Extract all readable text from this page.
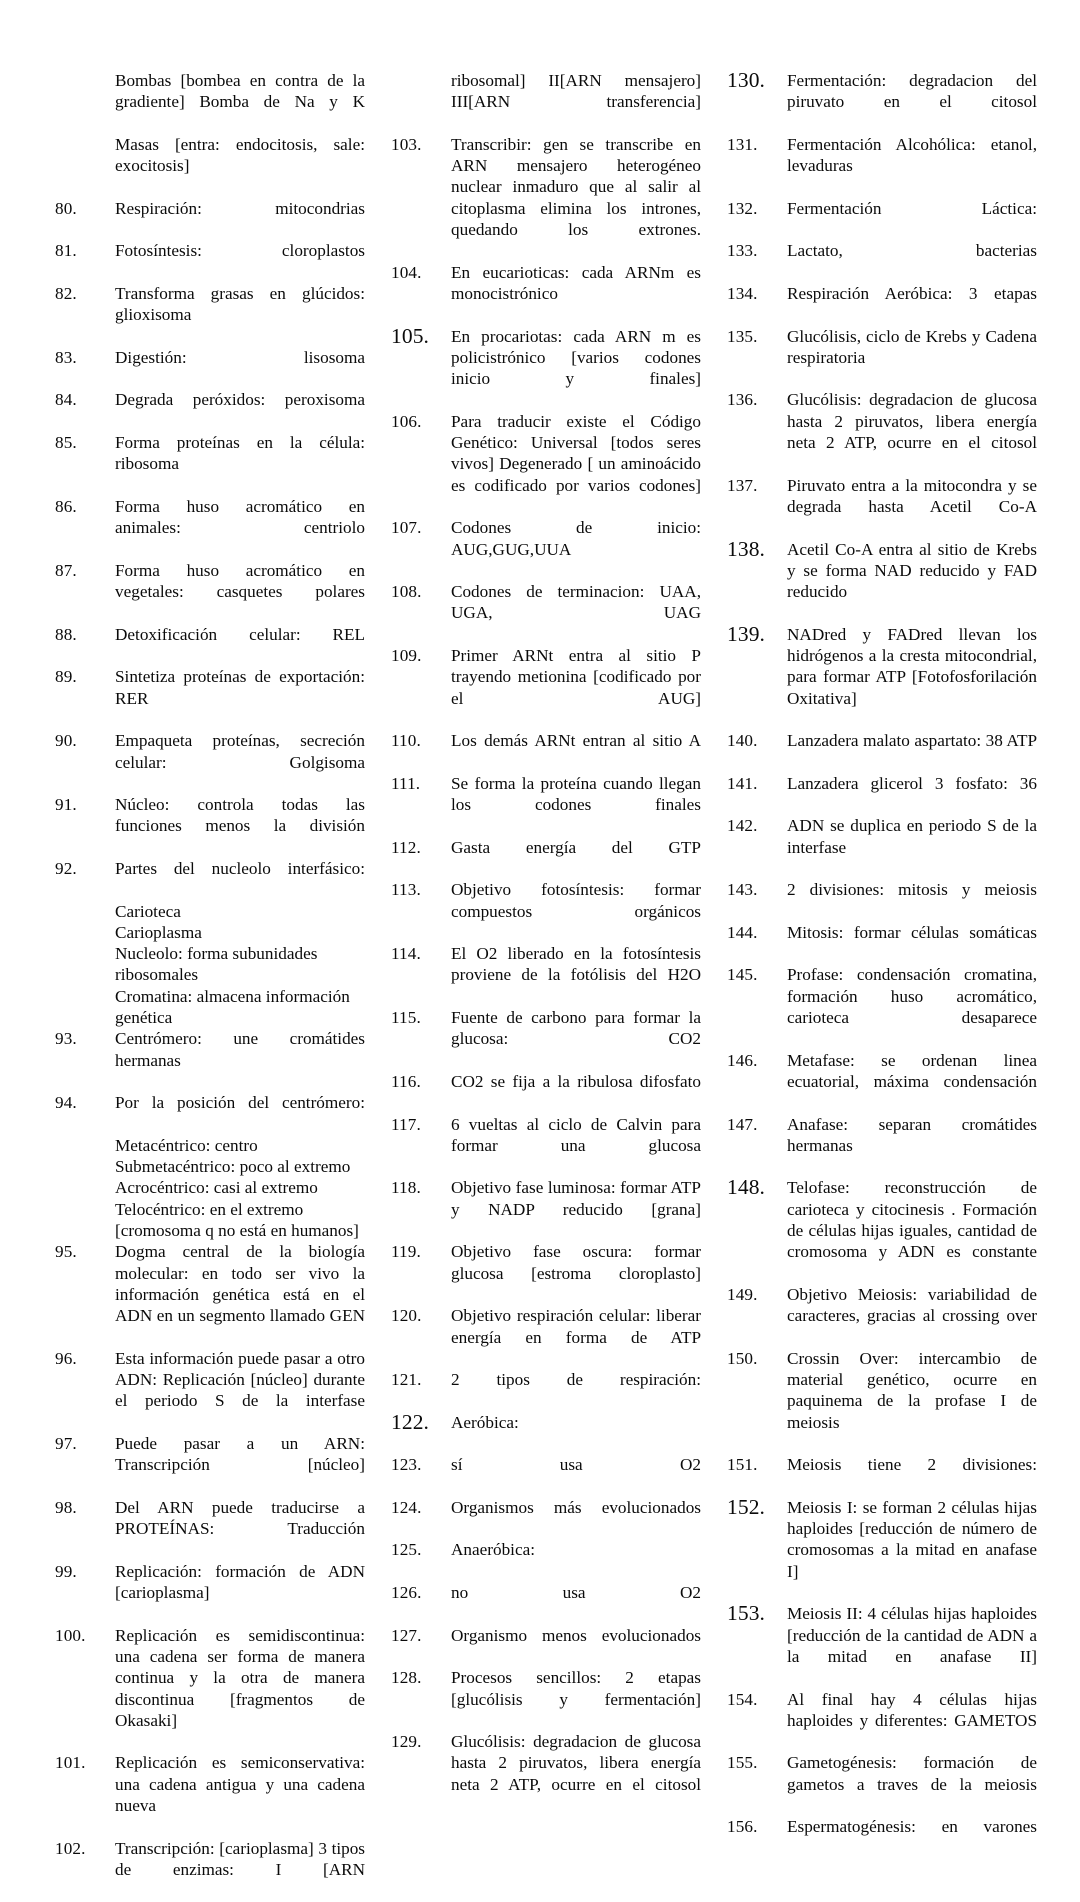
Bombas [bombea en contra de la gradiente] Bomba de Na y K
Masas [entra: endocitosis, sale: exocitosis]
80.	Respiración: mitocondrias
81.	Fotosíntesis: cloroplastos
82.	Transforma grasas en glúcidos: glioxisoma
83.	Digestión: lisosoma
84.	Degrada peróxidos: peroxisoma
85.	Forma proteínas en la célula: ribosoma
86.	Forma huso acromático en animales: centriolo
87.	Forma huso acromático en vegetales: casquetes polares
88.	Detoxificación celular: REL
89.	Sintetiza proteínas de exportación: RER
90.	Empaqueta proteínas, secreción celular: Golgisoma
91.	Núcleo: controla todas las funciones menos la división
92.	Partes del nucleolo interfásico:
Carioteca
Carioplasma
Nucleolo: forma subunidades ribosomales
Cromatina: almacena información genética
93.	Centrómero: une cromátides hermanas
94.	Por la posición del centrómero:
Metacéntrico: centro
Submetacéntrico: poco al extremo
Acrocéntrico: casi al extremo
Telocéntrico: en el extremo [cromosoma q no está en humanos]
95.	Dogma central de la biología molecular: en todo ser vivo la información genética está en el ADN en un segmento llamado GEN
96.	Esta información puede pasar a otro ADN: Replicación [núcleo] durante el periodo S de la interfase
97.	Puede pasar a un ARN: Transcripción [núcleo]
98.	Del ARN puede traducirse a PROTEÍNAS: Traducción
99.	Replicación: formación de ADN [carioplasma]
100.	Replicación es semidiscontinua: una cadena ser forma de manera continua y la otra de manera discontinua [fragmentos de Okasaki]
101.	Replicación es semiconservativa: una cadena antigua y una cadena nueva
102.	Transcripción: [carioplasma] 3 tipos de enzimas: I [ARN
ribosomal] II[ARN mensajero] III[ARN transferencia]
103.	Transcribir: gen se transcribe en ARN mensajero heterogéneo nuclear inmaduro que al salir al citoplasma elimina los intrones, quedando los extrones.
104.	En eucarioticas: cada ARNm es monocistrónico
105.	En procariotas: cada ARN m es policistrónico [varios codones inicio y finales]
106.	Para traducir existe el Código Genético: Universal [todos seres vivos] Degenerado [ un aminoácido es codificado por varios codones]
107.	Codones de inicio: AUG,GUG,UUA
108.	Codones de terminacion: UAA, UGA, UAG
109.	Primer ARNt entra al sitio P trayendo metionina [codificado por el AUG]
110.	Los demás ARNt entran al sitio A
111.	Se forma la proteína cuando llegan los codones finales
112.	Gasta energía del GTP
113.	Objetivo fotosíntesis: formar compuestos orgánicos
114.	El O2 liberado en la fotosíntesis proviene de la fotólisis del H2O
115.	Fuente de carbono para formar la glucosa: CO2
116.	CO2 se fija a la ribulosa difosfato
117.	6 vueltas al ciclo de Calvin para formar una glucosa
118.	Objetivo fase luminosa: formar ATP y NADP reducido [grana]
119.	Objetivo fase oscura: formar glucosa [estroma cloroplasto]
120.	Objetivo respiración celular: liberar energía en forma de ATP
121.	2 tipos de respiración:
122.	Aeróbica:
123.	sí usa O2
124.	Organismos más evolucionados
125.	Anaeróbica:
126.	no usa O2
127.	Organismo menos evolucionados
128.	Procesos sencillos: 2 etapas [glucólisis y fermentación]
129.	Glucólisis: degradacion de glucosa hasta 2 piruvatos, libera energía neta 2 ATP, ocurre en el citosol
130.	Fermentación: degradacion del piruvato en el citosol
131.	Fermentación Alcohólica: etanol, levaduras
132.	Fermentación Láctica:
133.	Lactato, bacterias
134.	Respiración Aeróbica: 3 etapas
135.	Glucólisis, ciclo de Krebs y Cadena respiratoria
136.	Glucólisis: degradacion de glucosa hasta 2 piruvatos, libera energía neta 2 ATP, ocurre en el citosol
137.	Piruvato entra a la mitocondra y se degrada hasta Acetil Co-A
138.	Acetil Co-A entra al sitio de Krebs y se forma NAD reducido y FAD reducido
139.	NADred y FADred llevan los hidrógenos a la cresta mitocondrial, para formar ATP [Fotofosforilación Oxitativa]
140.	Lanzadera malato aspartato: 38 ATP
141.	Lanzadera glicerol 3 fosfato: 36
142.	ADN se duplica en periodo S de la interfase
143.	2 divisiones: mitosis y meiosis
144.	Mitosis: formar células somáticas
145.	Profase: condensación cromatina, formación huso acromático, carioteca desaparece
146.	Metafase: se ordenan linea ecuatorial, máxima condensación
147.	Anafase: separan cromátides hermanas
148.	Telofase: reconstrucción de carioteca y citocinesis . Formación de células hijas iguales, cantidad de cromosoma y ADN es constante
149.	Objetivo Meiosis: variabilidad de caracteres, gracias al crossing over
150.	Crossin Over: intercambio de material genético, ocurre en paquinema de la profase I de meiosis
151.	Meiosis tiene 2 divisiones:
152.	Meiosis I: se forman 2 células hijas haploides [reducción de número de cromosomas a la mitad en anafase I]
153.	Meiosis II: 4 células hijas haploides [reducción de la cantidad de ADN a la mitad en anafase II]
154.	Al final hay 4 células hijas haploides y diferentes: GAMETOS
155.	Gametogénesis: formación de gametos a traves de la meiosis
156.	Espermatogénesis: en varones
